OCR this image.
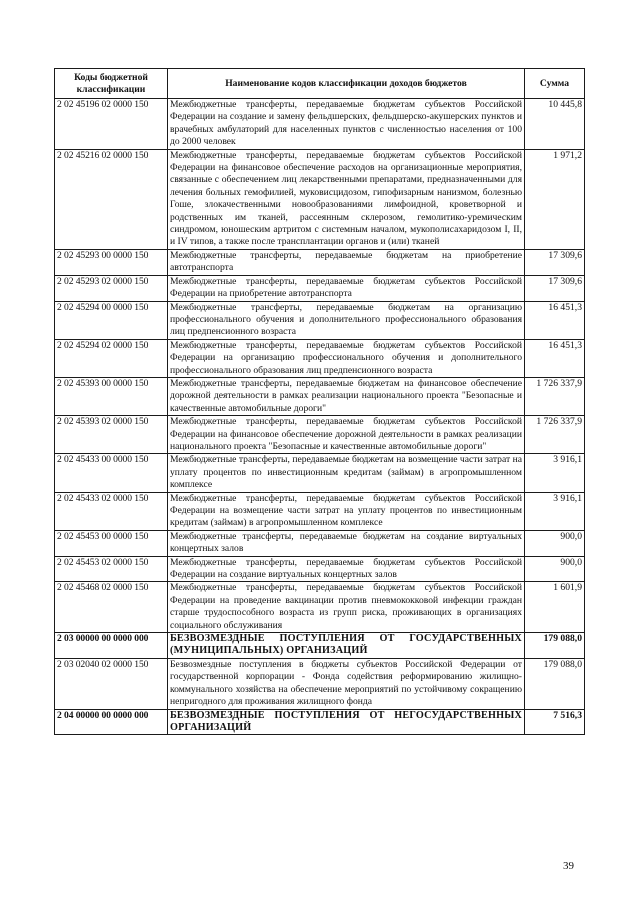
Коды бюджетной классификации	Наименование кодов классификации доходов бюджетов	Сумма
2 02 45196 02 0000 150	Межбюджетные трансферты, передаваемые бюджетам субъектов Российской Федерации на создание и замену фельдшерских, фельдшерско-акушерских пунктов и врачебных амбулаторий для населенных пунктов с численностью населения от 100 до 2000 человек	10 445,8
2 02 45216 02 0000 150	Межбюджетные трансферты, передаваемые бюджетам субъектов Российской Федерации на финансовое обеспечение расходов на организационные мероприятия, связанные с обеспечением лиц лекарственными препаратами, предназначенными для лечения больных гемофилией, муковисцидозом, гипофизарным нанизмом, болезнью Гоше, злокачественными новообразованиями лимфоидной, кроветворной и родственных им тканей, рассеянным склерозом, гемолитико-уремическим синдромом, юношеским артритом с системным началом, мукополисахаридозом I, II, и IV типов, а также после трансплантации органов и (или) тканей	1 971,2
2 02 45293 00 0000 150	Межбюджетные трансферты, передаваемые бюджетам на приобретение автотранспорта	17 309,6
2 02 45293 02 0000 150	Межбюджетные трансферты, передаваемые бюджетам субъектов Российской Федерации на приобретение автотранспорта	17 309,6
2 02 45294 00 0000 150	Межбюджетные трансферты, передаваемые бюджетам на организацию профессионального обучения и дополнительного профессионального образования лиц предпенсионного возраста	16 451,3
2 02 45294 02 0000 150	Межбюджетные трансферты, передаваемые бюджетам субъектов Российской Федерации на организацию профессионального обучения и дополнительного профессионального образования лиц предпенсионного возраста	16 451,3
2 02 45393 00 0000 150	Межбюджетные трансферты, передаваемые бюджетам на финансовое обеспечение дорожной деятельности в рамках реализации национального проекта "Безопасные и качественные автомобильные дороги"	1 726 337,9
2 02 45393 02 0000 150	Межбюджетные трансферты, передаваемые бюджетам субъектов Российской Федерации на финансовое обеспечение дорожной деятельности в рамках реализации национального проекта "Безопасные и качественные автомобильные дороги"	1 726 337,9
2 02 45433 00 0000 150	Межбюджетные трансферты, передаваемые бюджетам на возмещение части затрат на уплату процентов по инвестиционным кредитам (займам) в агропромышленном комплексе	3 916,1
2 02 45433 02 0000 150	Межбюджетные трансферты, передаваемые бюджетам субъектов Российской Федерации на возмещение части затрат на уплату процентов по инвестиционным кредитам (займам) в агропромышленном комплексе	3 916,1
2 02 45453 00 0000 150	Межбюджетные трансферты, передаваемые бюджетам на создание виртуальных концертных залов	900,0
2 02 45453 02 0000 150	Межбюджетные трансферты, передаваемые бюджетам субъектов Российской Федерации на создание виртуальных концертных залов	900,0
2 02 45468 02 0000 150	Межбюджетные трансферты, передаваемые бюджетам субъектов Российской Федерации на проведение вакцинации против пневмококковой инфекции граждан старше трудоспособного возраста из групп риска, проживающих в организациях социального обслуживания	1 601,9
2 03 00000 00 0000 000	БЕЗВОЗМЕЗДНЫЕ ПОСТУПЛЕНИЯ ОТ ГОСУДАРСТВЕННЫХ (МУНИЦИПАЛЬНЫХ) ОРГАНИЗАЦИЙ	179 088,0
2 03 02040 02 0000 150	Безвозмездные поступления в бюджеты субъектов Российской Федерации от государственной корпорации - Фонда содействия реформированию жилищно-коммунального хозяйства на обеспечение мероприятий по устойчивому сокращению непригодного для проживания жилищного фонда	179 088,0
2 04 00000 00 0000 000	БЕЗВОЗМЕЗДНЫЕ ПОСТУПЛЕНИЯ ОТ НЕГОСУДАРСТВЕННЫХ ОРГАНИЗАЦИЙ	7 516,3
39
